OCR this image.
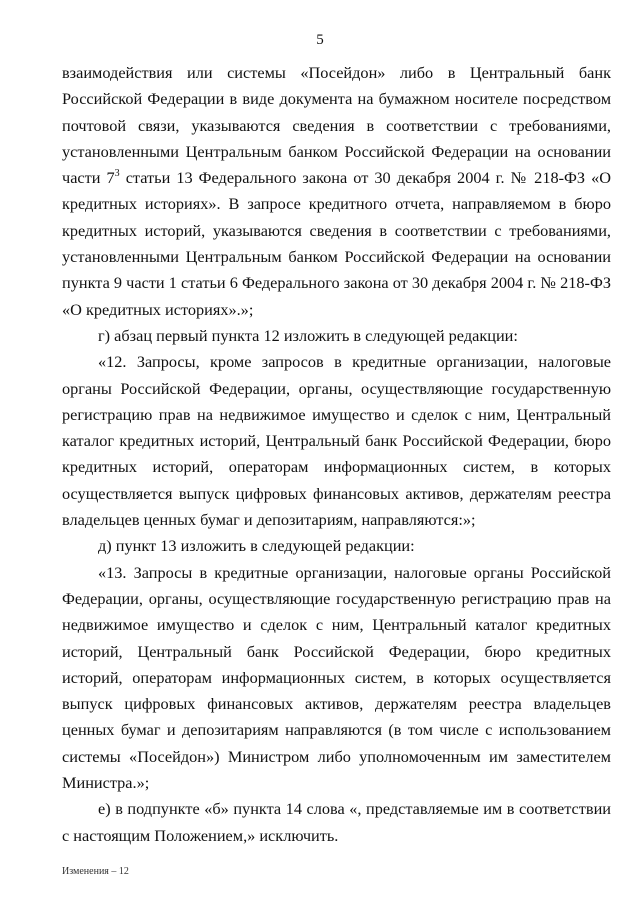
5

взаимодействия или системы «Посейдон» либо в Центральный банк Российской Федерации в виде документа на бумажном носителе посредством почтовой связи, указываются сведения в соответствии с требованиями, установленными Центральным банком Российской Федерации на основании части $7^3$ статьи 13 Федерального закона от 30 декабря 2004 г. № 218-ФЗ «О кредитных историях». В запросе кредитного отчета, направляемом в бюро кредитных историй, указываются сведения в соответствии с требованиями, установленными Центральным банком Российской Федерации на основании пункта 9 части 1 статьи 6 Федерального закона от 30 декабря 2004 г. № 218-ФЗ «О кредитных историях».»;

г) абзац первый пункта 12 изложить в следующей редакции:

«12. Запросы, кроме запросов в кредитные организации, налоговые органы Российской Федерации, органы, осуществляющие государственную регистрацию прав на недвижимое имущество и сделок с ним, Центральный каталог кредитных историй, Центральный банк Российской Федерации, бюро кредитных историй, операторам информационных систем, в которых осуществляется выпуск цифровых финансовых активов, держателям реестра владельцев ценных бумаг и депозитариям, направляются:»;

д) пункт 13 изложить в следующей редакции:

«13. Запросы в кредитные организации, налоговые органы Российской Федерации, органы, осуществляющие государственную регистрацию прав на недвижимое имущество и сделок с ним, Центральный каталог кредитных историй, Центральный банк Российской Федерации, бюро кредитных историй, операторам информационных систем, в которых осуществляется выпуск цифровых финансовых активов, держателям реестра владельцев ценных бумаг и депозитариям направляются (в том числе с использованием системы «Посейдон») Министром либо уполномоченным им заместителем Министра.»;

е) в подпункте «б» пункта 14 слова «, представляемые им в соответствии с настоящим Положением,» исключить.

Изменения – 12
